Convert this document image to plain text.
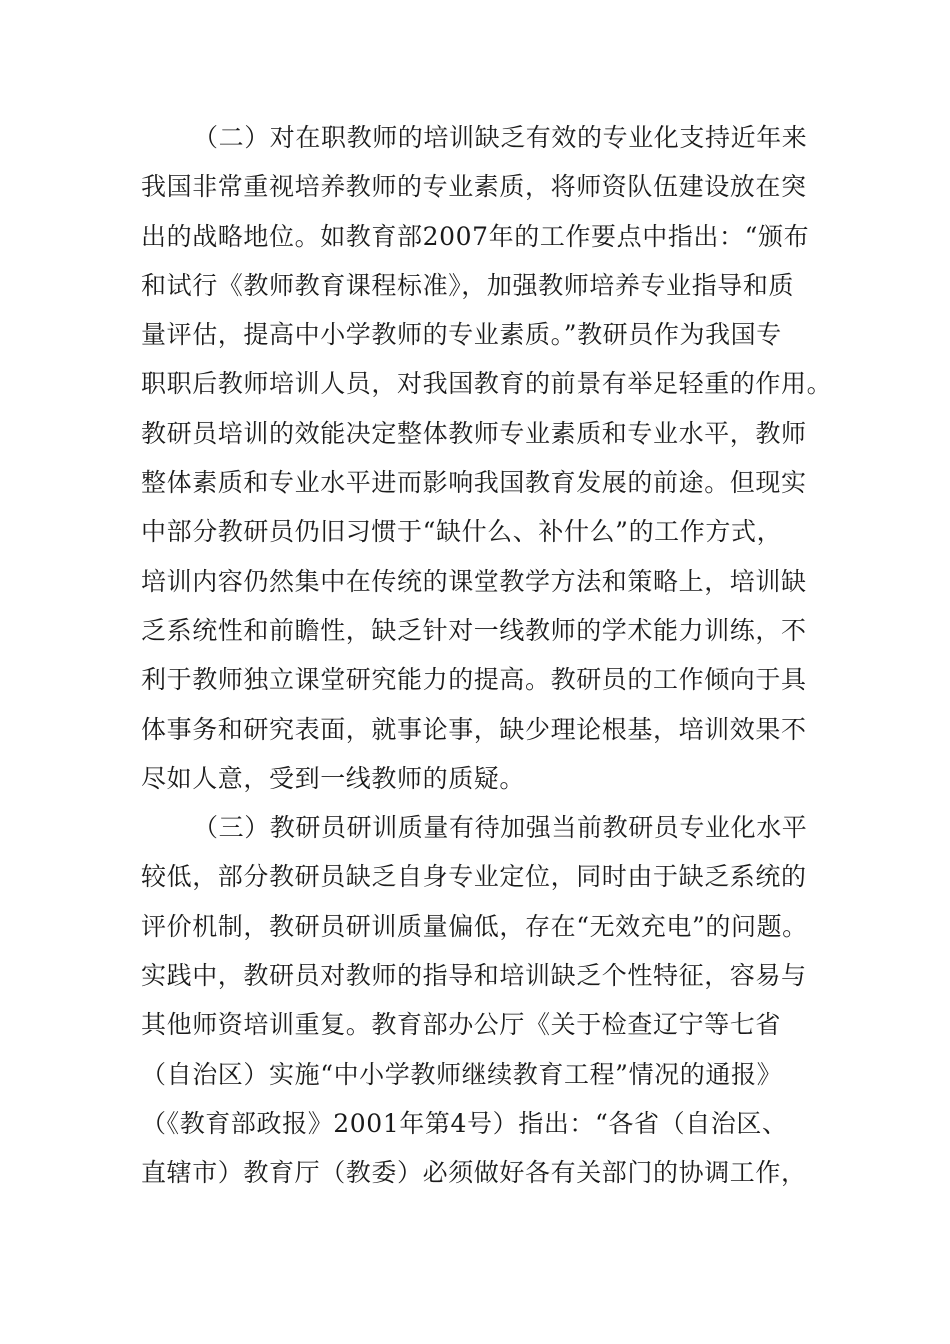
（二）对在职教师的培训缺乏有效的专业化支持近年来
我国非常重视培养教师的专业素质，将师资队伍建设放在突
出的战略地位。如教育部2007年的工作要点中指出：“颁布
和试行《教师教育课程标准》，加强教师培养专业指导和质
量评估，提高中小学教师的专业素质。”教研员作为我国专
职职后教师培训人员，对我国教育的前景有举足轻重的作用。
教研员培训的效能决定整体教师专业素质和专业水平，教师
整体素质和专业水平进而影响我国教育发展的前途。但现实
中部分教研员仍旧习惯于“缺什么、补什么”的工作方式，
培训内容仍然集中在传统的课堂教学方法和策略上，培训缺
乏系统性和前瞻性，缺乏针对一线教师的学术能力训练，不
利于教师独立课堂研究能力的提高。教研员的工作倾向于具
体事务和研究表面，就事论事，缺少理论根基，培训效果不
尽如人意，受到一线教师的质疑。
（三）教研员研训质量有待加强当前教研员专业化水平
较低，部分教研员缺乏自身专业定位，同时由于缺乏系统的
评价机制，教研员研训质量偏低，存在“无效充电”的问题。
实践中，教研员对教师的指导和培训缺乏个性特征，容易与
其他师资培训重复。教育部办公厅《关于检查辽宁等七省
（自治区）实施“中小学教师继续教育工程”情况的通报》
（《教育部政报》2001年第4号）指出：“各省（自治区、
直辖市）教育厅（教委）必须做好各有关部门的协调工作，
